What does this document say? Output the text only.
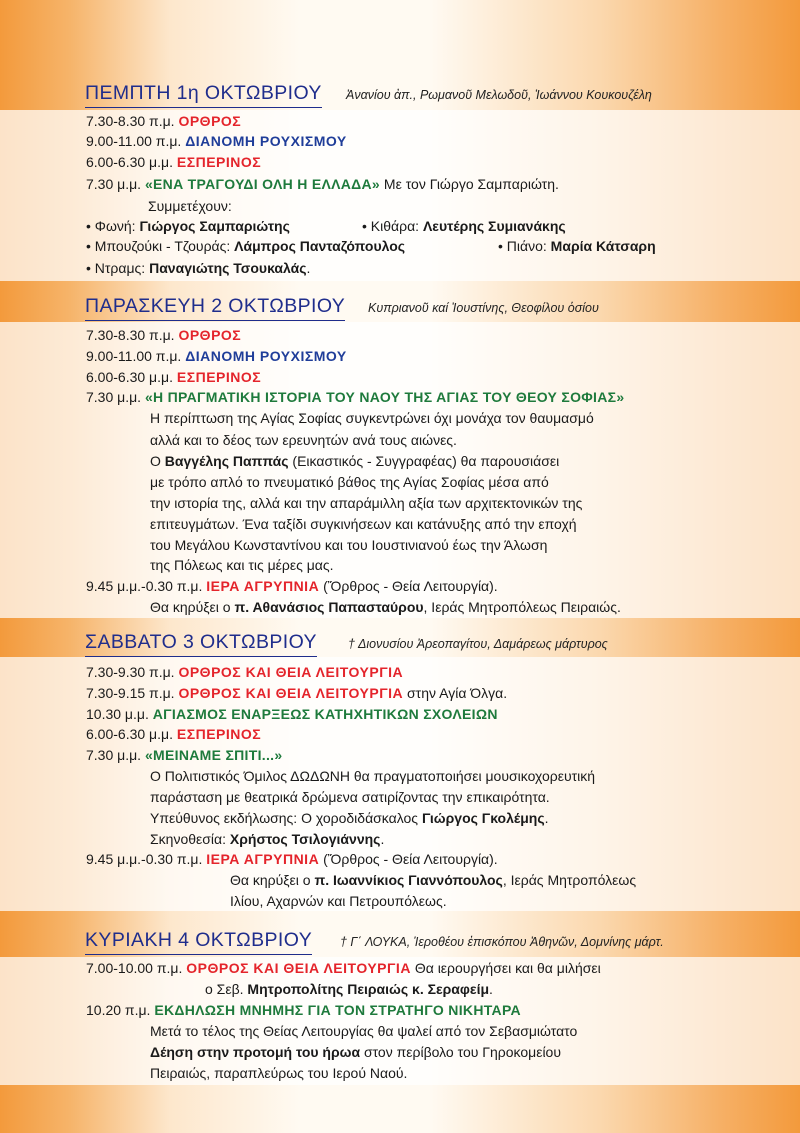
ΠΕΜΠΤΗ 1η ΟΚΤΩΒΡΙΟΥ Ἀνανίου ἀπ., Ρωμανοῦ Μελωδοῦ, Ἰωάννου Κουκουζέλη
7.30-8.30 π.μ. ΟΡΘΡΟΣ
9.00-11.00 π.μ. ΔΙΑΝΟΜΗ ΡΟΥΧΙΣΜΟΥ
6.00-6.30 μ.μ. ΕΣΠΕΡΙΝΟΣ
7.30 μ.μ. «ΕΝΑ ΤΡΑΓΟΥΔΙ ΟΛΗ Η ΕΛΛΑΔΑ» Με τον Γιώργο Σαμπαριώτη.
Συμμετέχουν:
• Φωνή: Γιώργος Σαμπαριώτης	• Κιθάρα: Λευτέρης Συμιανάκης
• Μπουζούκι - Τζουράς: Λάμπρος Πανταζόπουλος	• Πιάνο: Μαρία Κάτσαρη
• Ντραμς: Παναγιώτης Τσουκαλάς.
ΠΑΡΑΣΚΕΥΗ 2 ΟΚΤΩΒΡΙΟΥ Κυπριανοῦ καί Ἰουστίνης, Θεοφίλου ὁσίου
7.30-8.30 π.μ. ΟΡΘΡΟΣ
9.00-11.00 π.μ. ΔΙΑΝΟΜΗ ΡΟΥΧΙΣΜΟΥ
6.00-6.30 μ.μ. ΕΣΠΕΡΙΝΟΣ
7.30 μ.μ. «Η ΠΡΑΓΜΑΤΙΚΗ ΙΣΤΟΡΙΑ ΤΟΥ ΝΑΟΥ ΤΗΣ ΑΓΙΑΣ ΤΟΥ ΘΕΟΥ ΣΟΦΙΑΣ»
Η περίπτωση της Αγίας Σοφίας συγκεντρώνει όχι μονάχα τον θαυμασμό
αλλά και το δέος των ερευνητών ανά τους αιώνες.
Ο Βαγγέλης Παππάς (Εικαστικός - Συγγραφέας) θα παρουσιάσει
με τρόπο απλό το πνευματικό βάθος της Αγίας Σοφίας μέσα από
την ιστορία της, αλλά και την απαράμιλλη αξία των αρχιτεκτονικών της
επιτευγμάτων. Ένα ταξίδι συγκινήσεων και κατάνυξης από την εποχή
του Μεγάλου Κωνσταντίνου και του Ιουστινιανού έως την Άλωση
της Πόλεως και τις μέρες μας.
9.45 μ.μ.-0.30 π.μ. ΙΕΡΑ ΑΓΡΥΠΝΙΑ (Ὄρθρος - Θεία Λειτουργία).
Θα κηρύξει ο π. Αθανάσιος Παπασταύρου, Ιεράς Μητροπόλεως Πειραιώς.
ΣΑΒΒΑΤΟ 3 ΟΚΤΩΒΡΙΟΥ † Διονυσίου Ἀρεοπαγίτου, Δαμάρεως μάρτυρος
7.30-9.30 π.μ. ΟΡΘΡΟΣ ΚΑΙ ΘΕΙΑ ΛΕΙΤΟΥΡΓΙΑ
7.30-9.15 π.μ. ΟΡΘΡΟΣ ΚΑΙ ΘΕΙΑ ΛΕΙΤΟΥΡΓΙΑ στην Αγία Όλγα.
10.30 μ.μ. ΑΓΙΑΣΜΟΣ ΕΝΑΡΞΕΩΣ ΚΑΤΗΧΗΤΙΚΩΝ ΣΧΟΛΕΙΩΝ
6.00-6.30 μ.μ. ΕΣΠΕΡΙΝΟΣ
7.30 μ.μ. «ΜΕΙΝΑΜΕ ΣΠΙΤΙ...»
Ο Πολιτιστικός Όμιλος ΔΩΔΩΝΗ θα πραγματοποιήσει μουσικοχορευτική
παράσταση με θεατρικά δρώμενα σατιρίζοντας την επικαιρότητα.
Υπεύθυνος εκδήλωσης: Ο χοροδιδάσκαλος Γιώργος Γκολέμης.
Σκηνοθεσία: Χρήστος Τσιλογιάννης.
9.45 μ.μ.-0.30 π.μ. ΙΕΡΑ ΑΓΡΥΠΝΙΑ (Ὄρθρος - Θεία Λειτουργία).
Θα κηρύξει ο π. Ιωαννίκιος Γιαννόπουλος, Ιεράς Μητροπόλεως
Ιλίου, Αχαρνών και Πετρουπόλεως.
ΚΥΡΙΑΚΗ 4 ΟΚΤΩΒΡΙΟΥ † Γ΄ ΛΟΥΚΑ, Ἱεροθέου ἐπισκόπου Ἀθηνῶν, Δομνίνης μάρτ.
7.00-10.00 π.μ. ΟΡΘΡΟΣ ΚΑΙ ΘΕΙΑ ΛΕΙΤΟΥΡΓΙΑ Θα ιερουργήσει και θα μιλήσει
ο Σεβ. Μητροπολίτης Πειραιώς κ. Σεραφείμ.
10.20 π.μ. ΕΚΔΗΛΩΣΗ ΜΝΗΜΗΣ ΓΙΑ ΤΟΝ ΣΤΡΑΤΗΓΟ ΝΙΚΗΤΑΡΑ
Μετά το τέλος της Θείας Λειτουργίας θα ψαλεί από τον Σεβασμιώτατο
Δέηση στην προτομή του ήρωα στον περίβολο του Γηροκομείου
Πειραιώς, παραπλεύρως του Ιερού Ναού.
